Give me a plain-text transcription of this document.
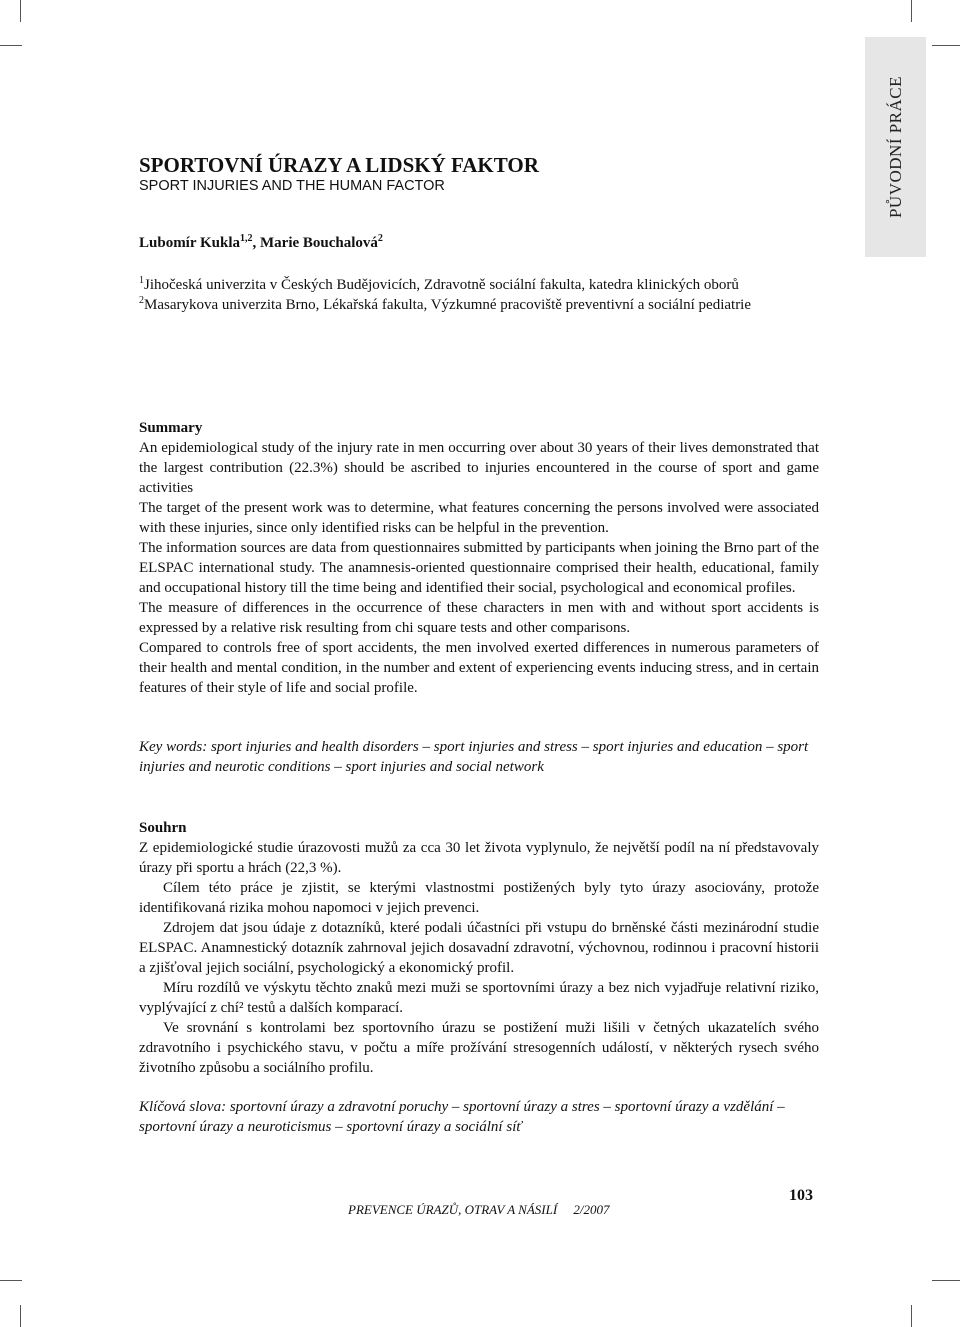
PŮVODNÍ PRÁCE
SPORTOVNÍ ÚRAZY A LIDSKÝ FAKTOR
SPORT INJURIES AND THE HUMAN FACTOR
Lubomír Kukla$^{1,2}$, Marie Bouchalová$^2$

$^1$Jihočeská univerzita v Českých Budějovicích, Zdravotně sociální fakulta, katedra klinických oborů

$^2$Masarykova univerzita Brno, Lékařská fakulta, Výzkumné pracoviště preventivní a sociální pediatrie

Summary

An epidemiological study of the injury rate in men occurring over about 30 years of their lives demonstrated that the largest contribution (22.3%) should be ascribed to injuries encountered in the course of sport and game activities

The target of the present work was to determine, what features concerning the persons involved were associated with these injuries, since only identified risks can be helpful in the prevention.

The information sources are data from questionnaires submitted by participants when joining the Brno part of the ELSPAC international study. The anamnesis-oriented questionnaire comprised their health, educational, family and occupational history till the time being and identified their social, psychological and economical profiles.

The measure of differences in the occurrence of these characters in men with and without sport accidents is expressed by a relative risk resulting from chi square tests and other comparisons.

Compared to controls free of sport accidents, the men involved exerted differences in numerous parameters of their health and mental condition, in the number and extent of experiencing events inducing stress, and in certain features of their style of life and social profile.

Key words: sport injuries and health disorders – sport injuries and stress – sport injuries and education – sport injuries and neurotic conditions – sport injuries and social network

Souhrn

Z epidemiologické studie úrazovosti mužů za cca 30 let života vyplynulo, že největší podíl na ní představovaly úrazy při sportu a hrách (22,3 %).

Cílem této práce je zjistit, se kterými vlastnostmi postižených byly tyto úrazy asociovány, protože identifikovaná rizika mohou napomoci v jejich prevenci.

Zdrojem dat jsou údaje z dotazníků, které podali účastníci při vstupu do brněnské části mezinárodní studie ELSPAC. Anamnestický dotazník zahrnoval jejich dosavadní zdravotní, výchovnou, rodinnou i pracovní historii a zjišťoval jejich sociální, psychologický a ekonomický profil.

Míru rozdílů ve výskytu těchto znaků mezi muži se sportovními úrazy a bez nich vyjadřuje relativní riziko, vyplývající z chí² testů a dalších komparací.

Ve srovnání s kontrolami bez sportovního úrazu se postižení muži lišili v četných ukazatelích svého zdravotního i psychického stavu, v počtu a míře prožívání stresogenních událostí, v některých rysech svého životního způsobu a sociálního profilu.

Klíčová slova: sportovní úrazy a zdravotní poruchy – sportovní úrazy a stres – sportovní úrazy a vzdělání – sportovní úrazy a neuroticismus – sportovní úrazy a sociální síť
103
PREVENCE ÚRAZŮ, OTRAV A NÁSILÍ 2/2007
